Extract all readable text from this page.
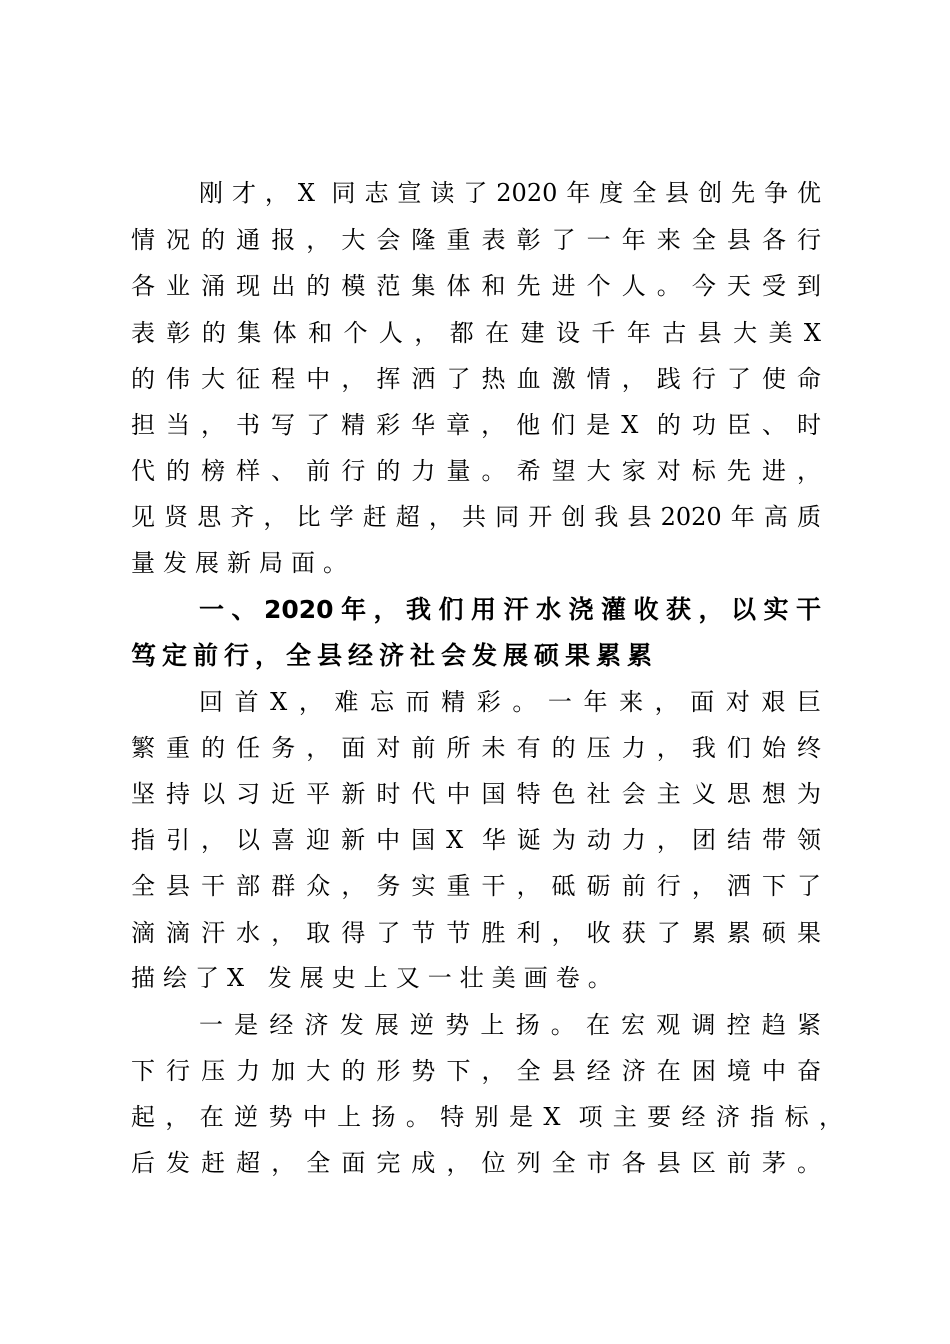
刚才，X 同志宣读了2020年度全县创先争优
情况的通报，大会隆重表彰了一年来全县各行
各业涌现出的模范集体和先进个人。今天受到
表彰的集体和个人，都在建设千年古县大美X
的伟大征程中，挥洒了热血激情，践行了使命
担当，书写了精彩华章，他们是X 的功臣、时
代的榜样、前行的力量。希望大家对标先进，
见贤思齐，比学赶超，共同开创我县2020年高质
量发展新局面。
一、2020年，我们用汗水浇灌收获，以实干
笃定前行，全县经济社会发展硕果累累
回首X，难忘而精彩。一年来，面对艰巨
繁重的任务，面对前所未有的压力，我们始终
坚持以习近平新时代中国特色社会主义思想为
指引，以喜迎新中国X 华诞为动力，团结带领
全县干部群众，务实重干，砥砺前行，洒下了
滴滴汗水，取得了节节胜利，收获了累累硕果
描绘了X 发展史上又一壮美画卷。
一是经济发展逆势上扬。在宏观调控趋紧
下行压力加大的形势下，全县经济在困境中奋
起，在逆势中上扬。特别是X 项主要经济指标，
后发赶超，全面完成，位列全市各县区前茅。
